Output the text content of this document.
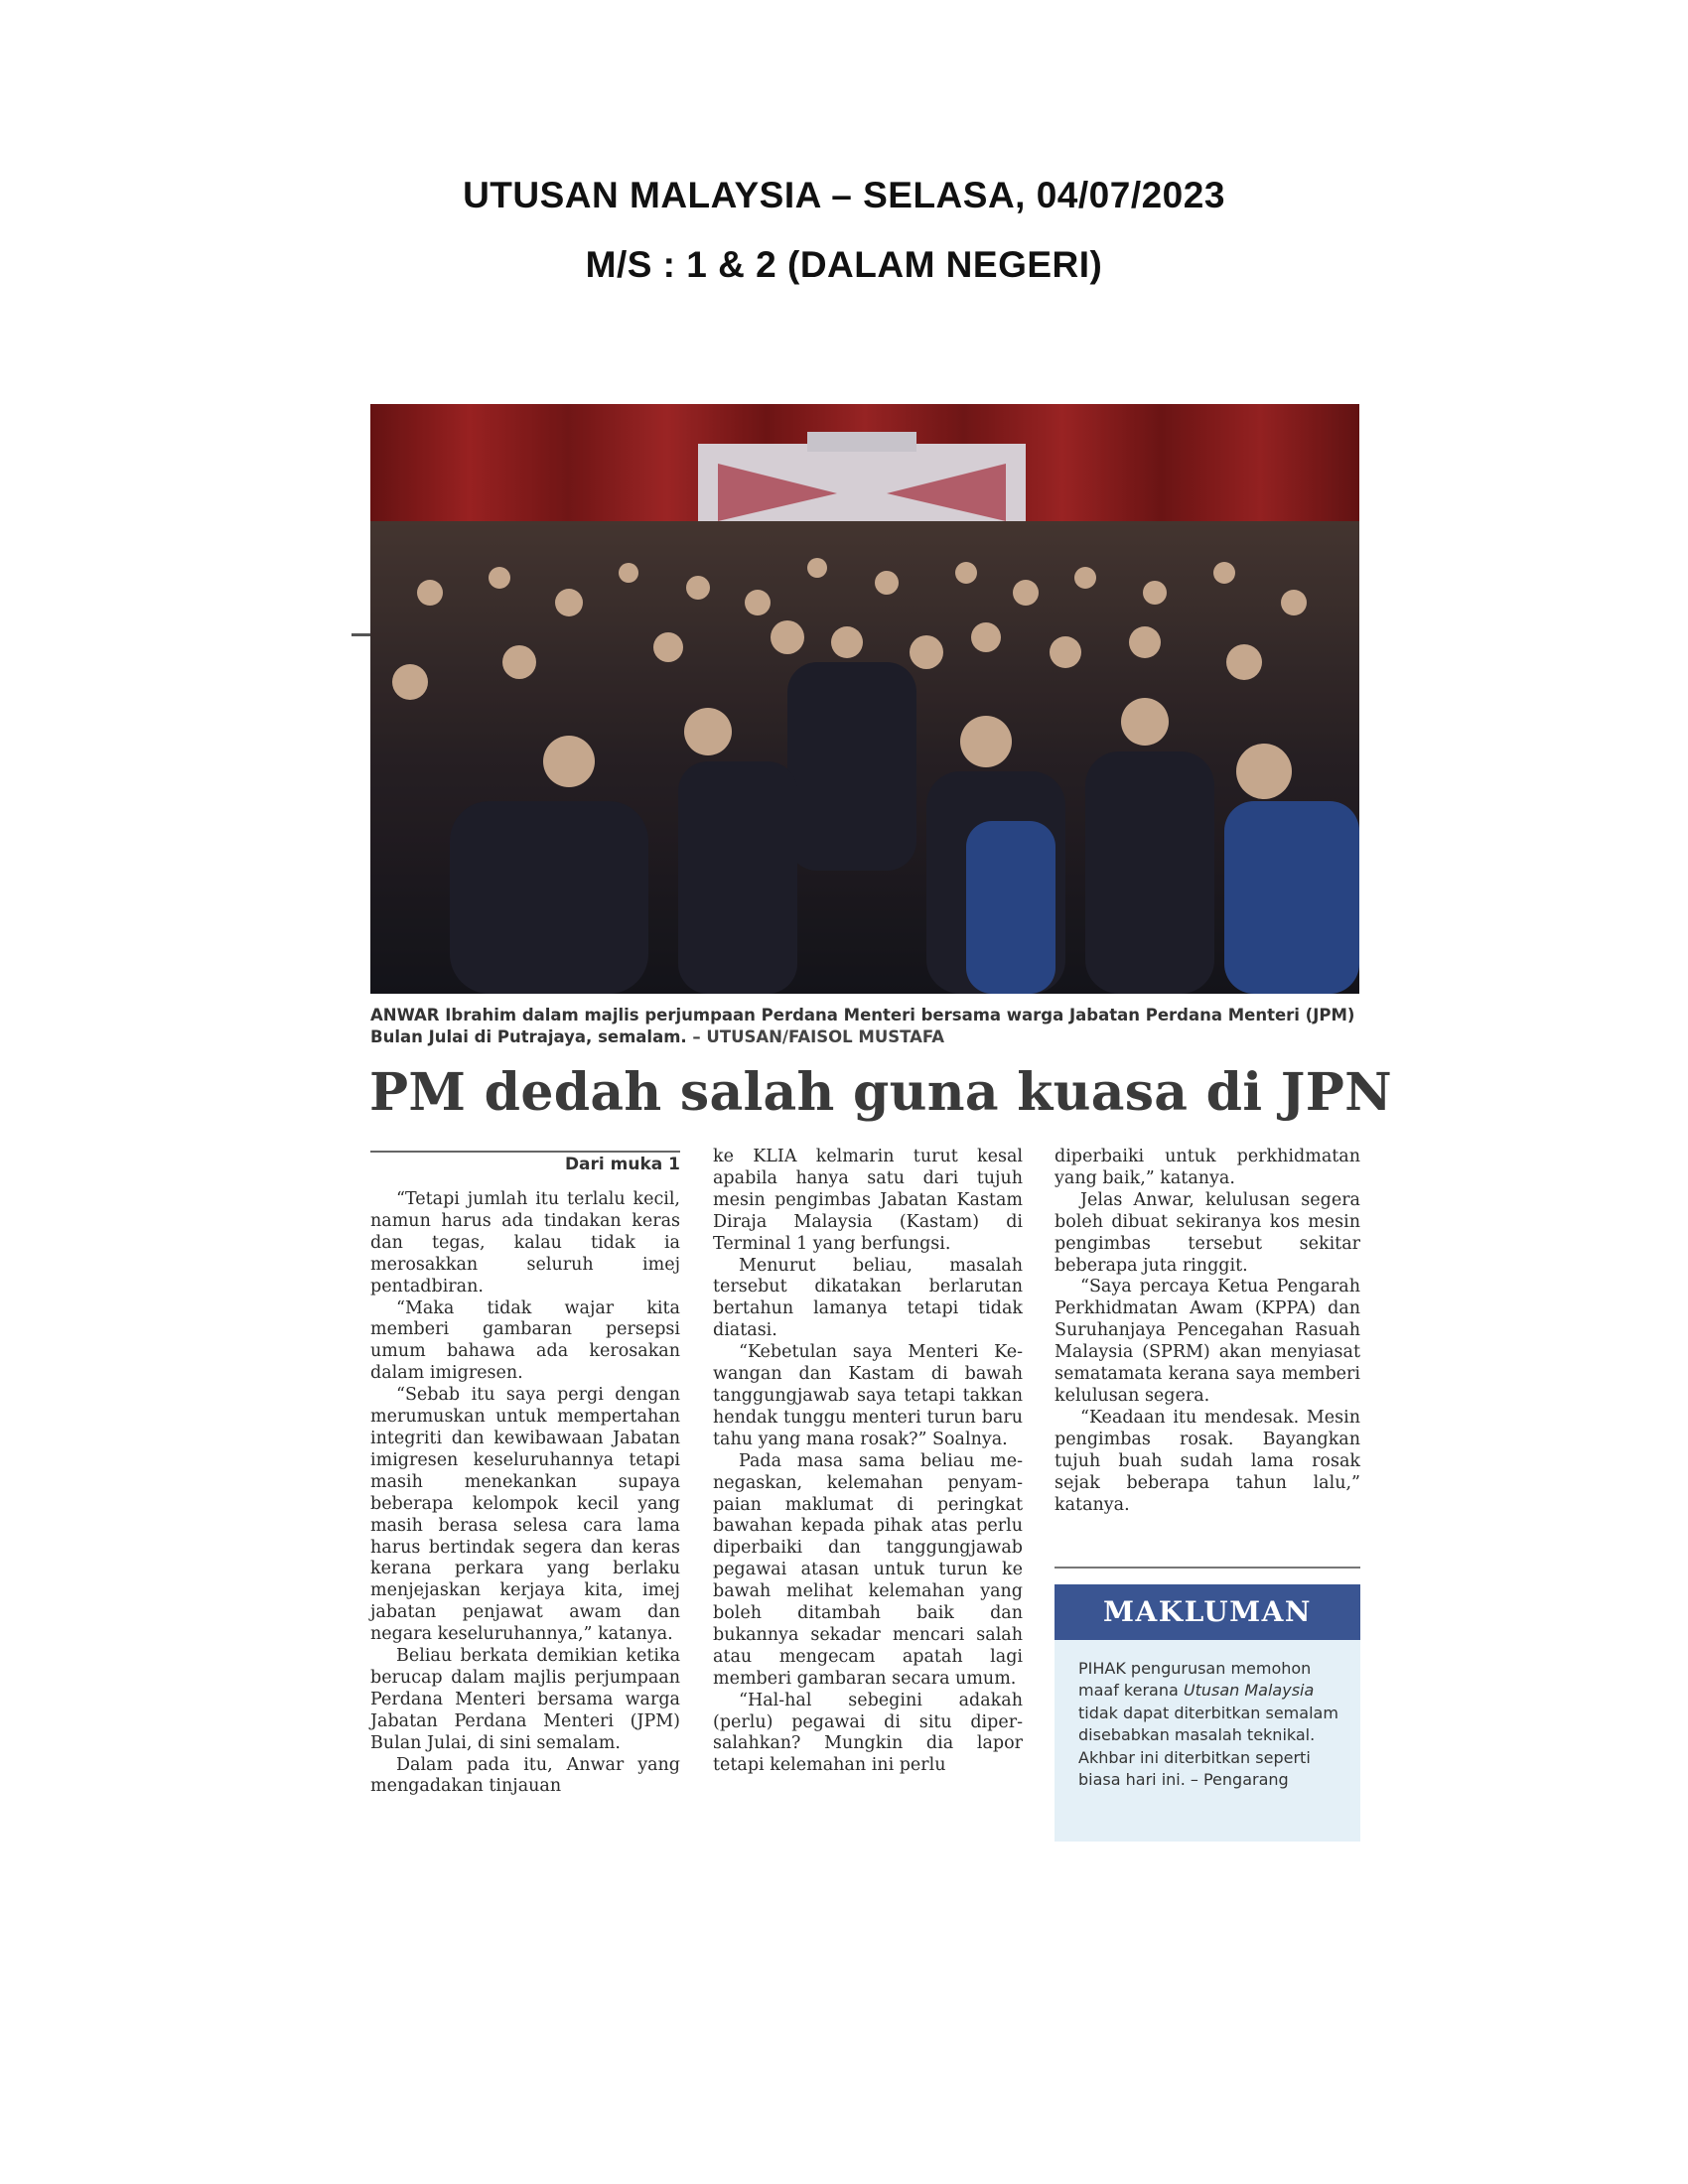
UTUSAN MALAYSIA – SELASA, 04/07/2023
M/S : 1 & 2 (DALAM NEGERI)
ANWAR Ibrahim dalam majlis perjumpaan Perdana Menteri bersama warga Jabatan Perdana Menteri (JPM) Bulan Julai di Putrajaya, semalam. – UTUSAN/FAISOL MUSTAFA
PM dedah salah guna kuasa di JPN
Dari muka 1

“Tetapi jumlah itu terlalu kecil, namun harus ada tindakan keras dan tegas, kalau tidak ia merosakkan seluruh imej pentadbiran.

“Maka tidak wajar kita memberi gambaran persepsi umum bahawa ada kerosakan dalam imigresen.

“Sebab itu saya pergi dengan merumuskan untuk mempertahan integriti dan kewibawaan Jabatan imigresen keseluruhannya tetapi masih menekankan supaya beberapa kelompok kecil yang masih berasa selesa cara lama harus bertindak segera dan keras kerana perkara yang berlaku menjejaskan kerjaya kita, imej jabatan penjawat awam dan negara keseluruhannya,” katanya.

Beliau berkata demikian ketika berucap dalam majlis perjumpaan Perdana Menteri bersama warga Jabatan Perdana Menteri (JPM) Bulan Julai, di sini semalam.

Dalam pada itu, Anwar yang mengadakan tinjauan

ke KLIA kelmarin turut kesal apabila hanya satu dari tujuh mesin pengimbas Jabatan Kastam Diraja Malaysia (Kastam) di Terminal 1 yang berfungsi.

Menurut beliau, masalah tersebut dikatakan berlarutan bertahun lamanya tetapi tidak diatasi.

“Kebetulan saya Menteri Kewangan dan Kastam di bawah tanggungjawab saya tetapi takkan hendak tunggu menteri turun baru tahu yang mana rosak?” Soalnya.

Pada masa sama beliau menegaskan, kelemahan penyampaian maklumat di peringkat bawahan kepada pihak atas perlu diperbaiki dan tanggungjawab pegawai atasan untuk turun ke bawah melihat kelemahan yang boleh ditambah baik dan bukannya sekadar mencari salah atau mengecam apatah lagi memberi gambaran secara umum.

“Hal-hal sebegini adakah (perlu) pegawai di situ dipersalahkan? Mungkin dia lapor tetapi kelemahan ini perlu

diperbaiki untuk perkhidmatan yang baik,” katanya.

Jelas Anwar, kelulusan segera boleh dibuat sekiranya kos mesin pengimbas tersebut sekitar beberapa juta ringgit.

“Saya percaya Ketua Pengarah Perkhidmatan Awam (KPPA) dan Suruhanjaya Pencegahan Rasuah Malaysia (SPRM) akan menyiasat sematamata kerana saya memberi kelulusan segera.

“Keadaan itu mendesak. Mesin pengimbas rosak. Bayangkan tujuh buah sudah lama rosak sejak beberapa tahun lalu,” katanya.

MAKLUMAN
PIHAK pengurusan memohon maaf kerana Utusan Malaysia tidak dapat diterbitkan semalam disebabkan masalah teknikal. Akhbar ini diterbitkan seperti biasa hari ini. – Pengarang
